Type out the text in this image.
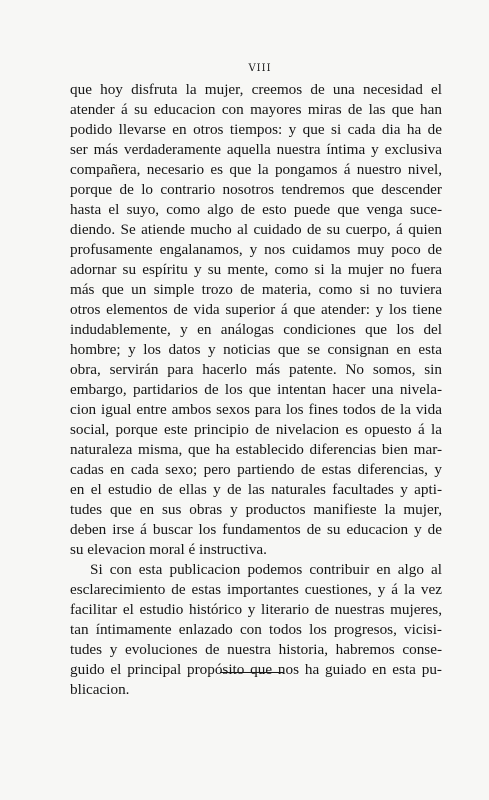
VIII
que hoy disfruta la mujer, creemos de una necesidad el
atender á su educacion con mayores miras de las que han
podido llevarse en otros tiempos: y que si cada dia ha de
ser más verdaderamente aquella nuestra íntima y exclusiva
compañera, necesario es que la pongamos á nuestro nivel,
porque de lo contrario nosotros tendremos que descender
hasta el suyo, como algo de esto puede que venga suce-
diendo. Se atiende mucho al cuidado de su cuerpo, á quien
profusamente engalanamos, y nos cuidamos muy poco de
adornar su espíritu y su mente, como si la mujer no fuera
más que un simple trozo de materia, como si no tuviera
otros elementos de vida superior á que atender: y los tiene
indudablemente, y en análogas condiciones que los del
hombre; y los datos y noticias que se consignan en esta
obra, servirán para hacerlo más patente. No somos, sin
embargo, partidarios de los que intentan hacer una nivela-
cion igual entre ambos sexos para los fines todos de la vida
social, porque este principio de nivelacion es opuesto á la
naturaleza misma, que ha establecido diferencias bien mar-
cadas en cada sexo; pero partiendo de estas diferencias, y
en el estudio de ellas y de las naturales facultades y apti-
tudes que en sus obras y productos manifieste la mujer,
deben irse á buscar los fundamentos de su educacion y de
su elevacion moral é instructiva.
Si con esta publicacion podemos contribuir en algo al
esclarecimiento de estas importantes cuestiones, y á la vez
facilitar el estudio histórico y literario de nuestras mujeres,
tan íntimamente enlazado con todos los progresos, vicisi-
tudes y evoluciones de nuestra historia, habremos conse-
guido el principal propósito que nos ha guiado en esta pu-
blicacion.
